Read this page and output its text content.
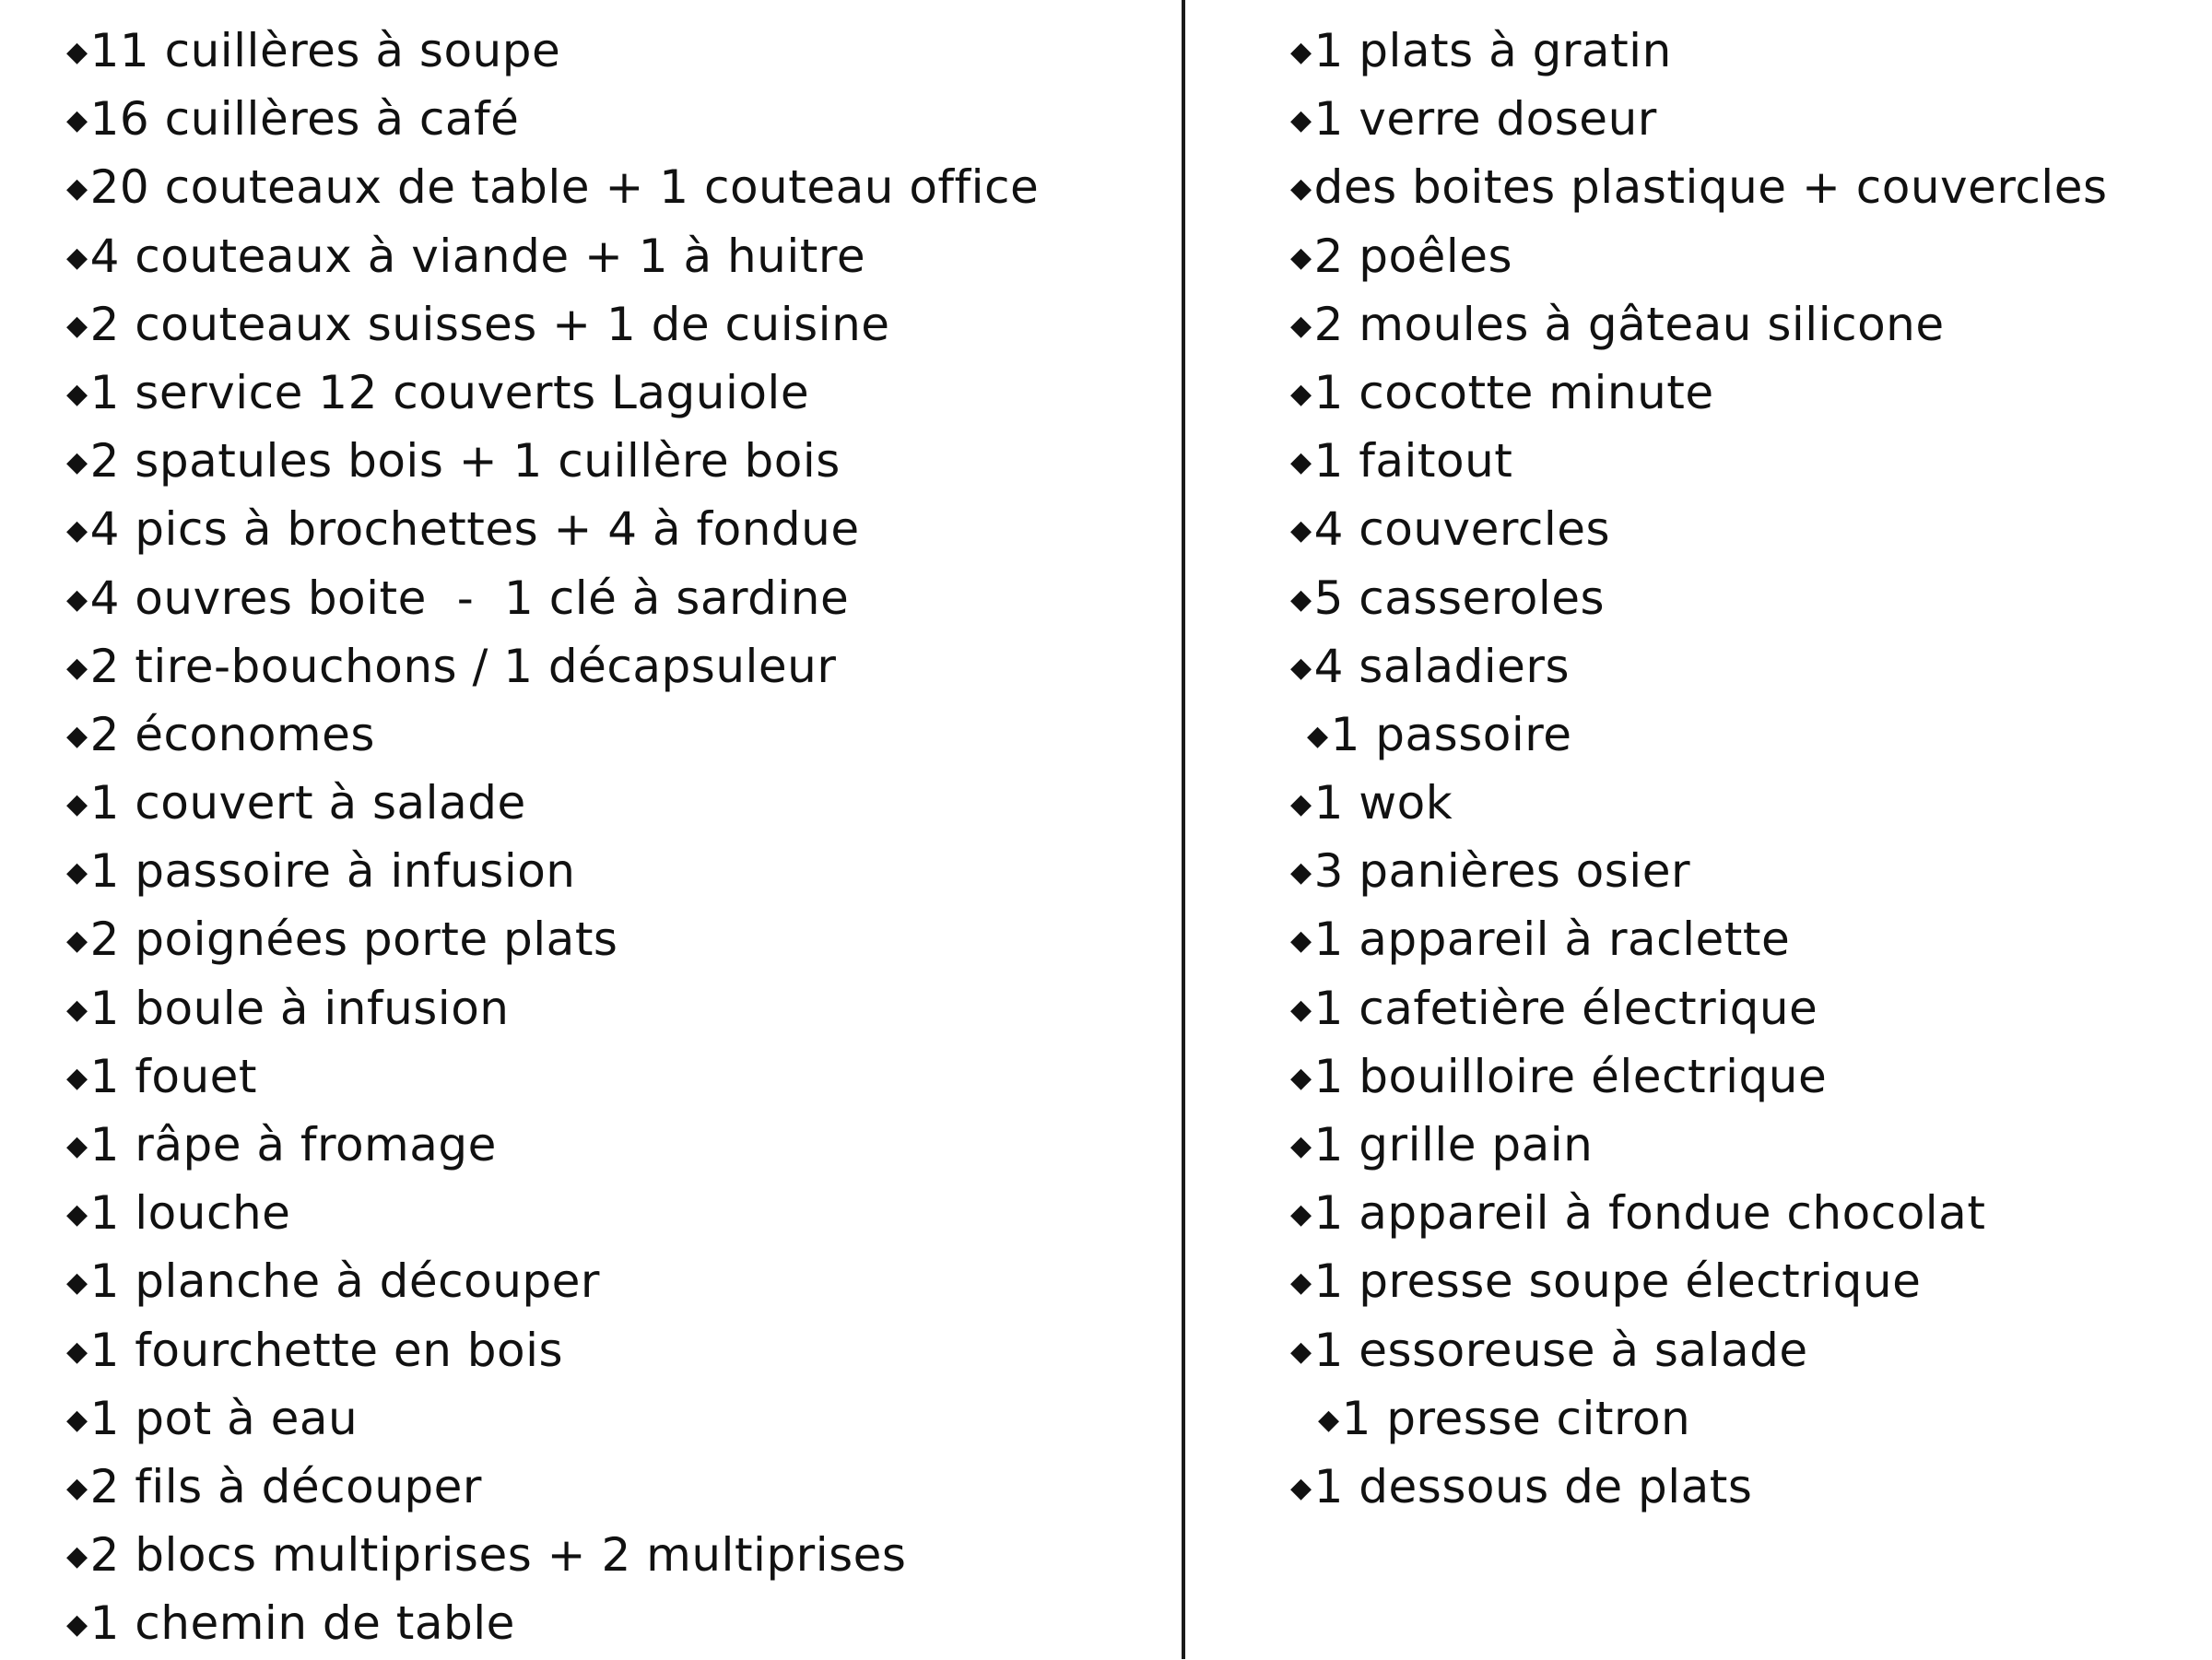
◆11 cuillères à soupe
◆16 cuillères à café
◆20 couteaux de table + 1 couteau office
◆4 couteaux à viande + 1 à huitre
◆2 couteaux suisses + 1 de cuisine
◆1 service 12 couverts Laguiole
◆2 spatules bois + 1 cuillère bois
◆4 pics à brochettes + 4 à fondue
◆4 ouvres boite  -  1 clé à sardine
◆2 tire-bouchons / 1 décapsuleur
◆2 économes
◆1 couvert à salade
◆1 passoire à infusion
◆2 poignées porte plats
◆1 boule à infusion
◆1 fouet
◆1 râpe à fromage
◆1 louche
◆1 planche à découper
◆1 fourchette en bois
◆1 pot à eau
◆2 fils à découper
◆2 blocs multiprises + 2 multiprises
◆1 chemin de table
◆1 plats à gratin
◆1 verre doseur
◆des boites plastique + couvercles
◆2 poêles
◆2 moules à gâteau silicone
◆1 cocotte minute
◆1 faitout
◆4 couvercles
◆5 casseroles
◆4 saladiers
◆1 passoire
◆1 wok
◆3 panières osier
◆1 appareil à raclette
◆1 cafetière électrique
◆1 bouilloire électrique
◆1 grille pain
◆1 appareil à fondue chocolat
◆1 presse soupe électrique
◆1 essoreuse à salade
◆1 presse citron
◆1 dessous de plats
